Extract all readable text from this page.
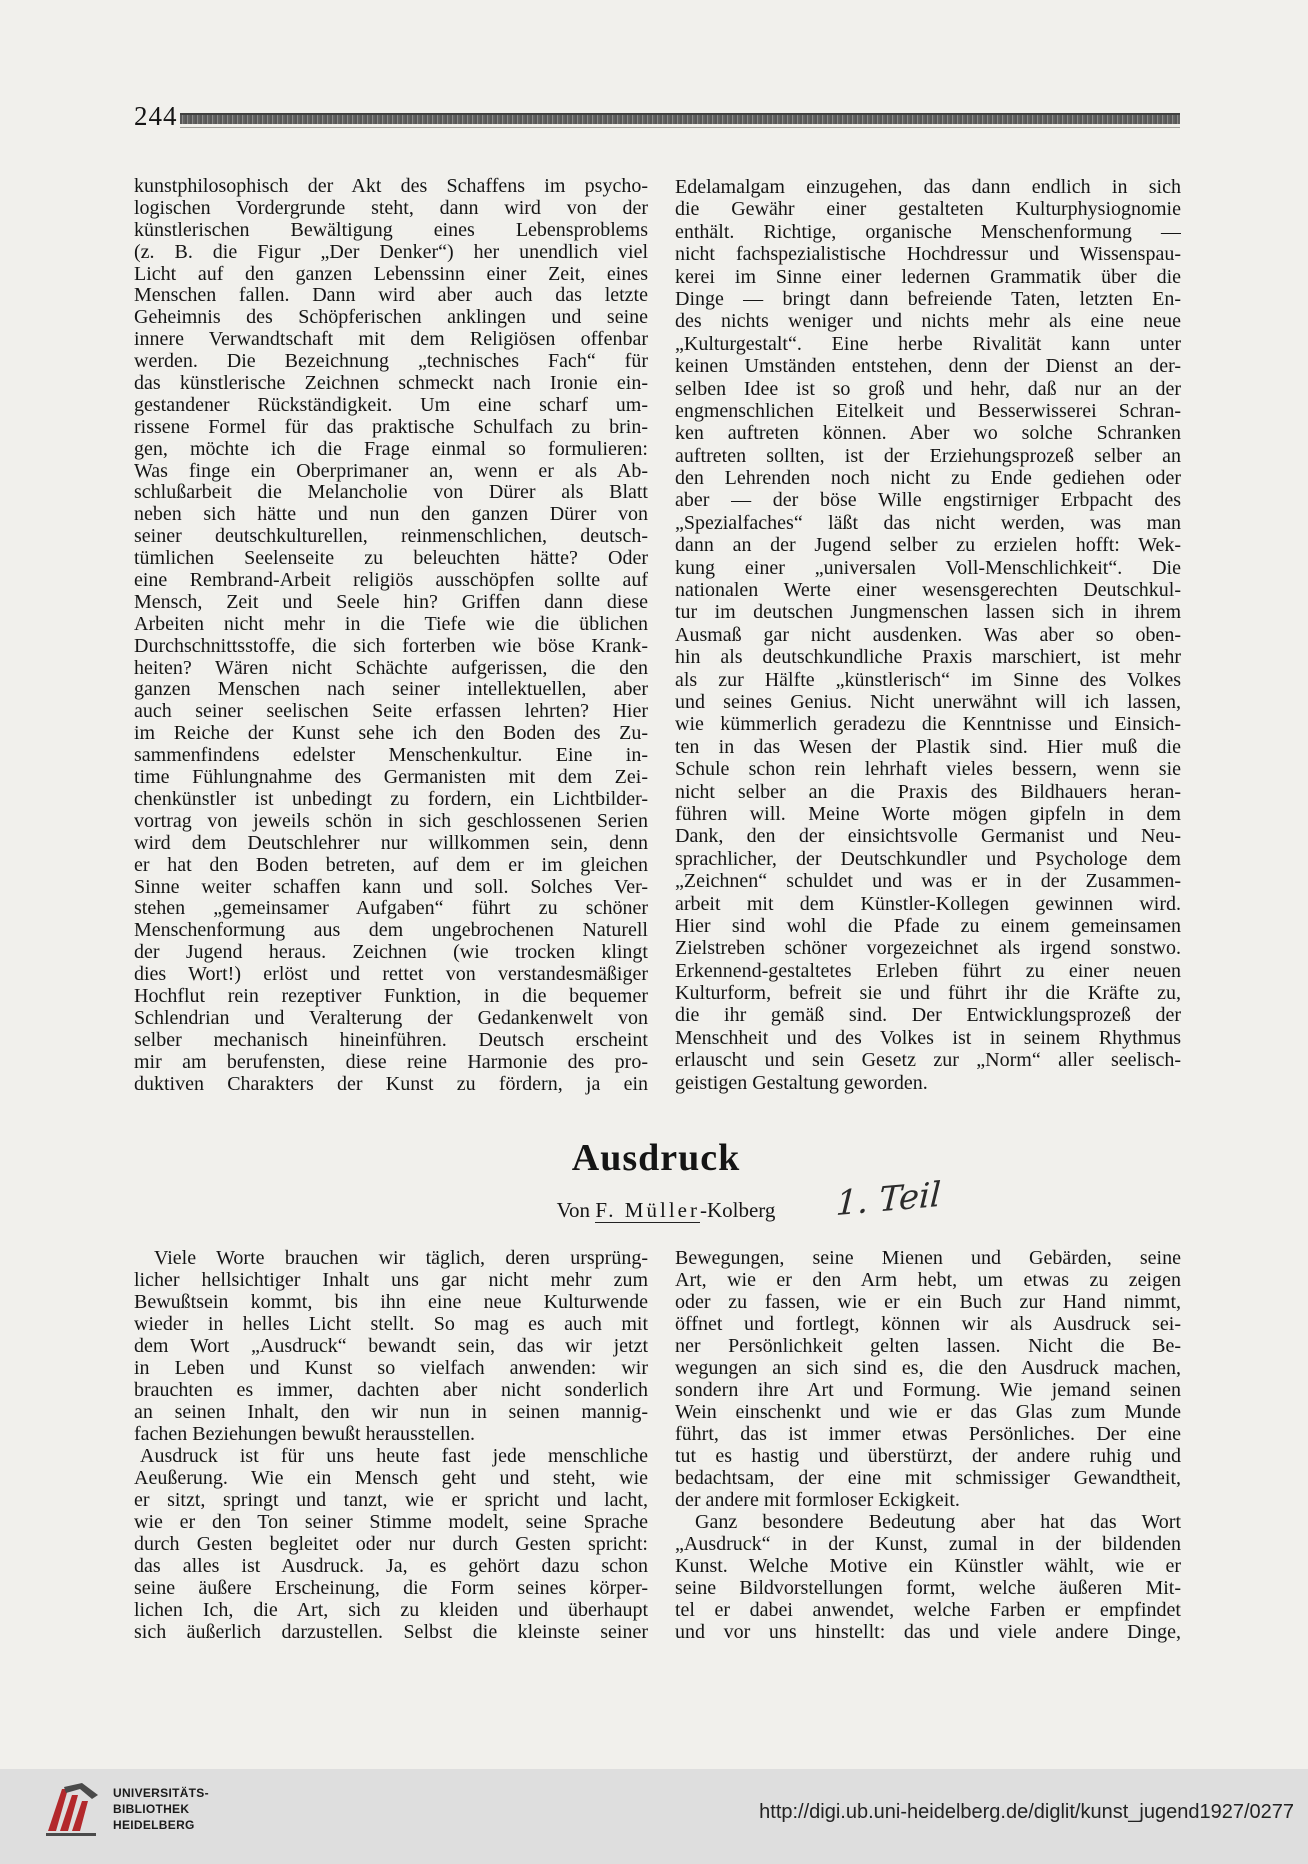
244
kunstphilosophisch der Akt des Schaffens im psycho-
logischen Vordergrunde steht, dann wird von der
künstlerischen Bewältigung eines Lebensproblems
(z. B. die Figur „Der Denker“) her unendlich viel
Licht auf den ganzen Lebenssinn einer Zeit, eines
Menschen fallen. Dann wird aber auch das letzte
Geheimnis des Schöpferischen anklingen und seine
innere Verwandtschaft mit dem Religiösen offenbar
werden. Die Bezeichnung „technisches Fach“ für
das künstlerische Zeichnen schmeckt nach Ironie ein-
gestandener Rückständigkeit. Um eine scharf um-
rissene Formel für das praktische Schulfach zu brin-
gen, möchte ich die Frage einmal so formulieren:
Was finge ein Oberprimaner an, wenn er als Ab-
schlußarbeit die Melancholie von Dürer als Blatt
neben sich hätte und nun den ganzen Dürer von
seiner deutschkulturellen, reinmenschlichen, deutsch-
tümlichen Seelenseite zu beleuchten hätte? Oder
eine Rembrand-Arbeit religiös ausschöpfen sollte auf
Mensch, Zeit und Seele hin? Griffen dann diese
Arbeiten nicht mehr in die Tiefe wie die üblichen
Durchschnittsstoffe, die sich forterben wie böse Krank-
heiten? Wären nicht Schächte aufgerissen, die den
ganzen Menschen nach seiner intellektuellen, aber
auch seiner seelischen Seite erfassen lehrten? Hier
im Reiche der Kunst sehe ich den Boden des Zu-
sammenfindens edelster Menschenkultur. Eine in-
time Fühlungnahme des Germanisten mit dem Zei-
chenkünstler ist unbedingt zu fordern, ein Lichtbilder-
vortrag von jeweils schön in sich geschlossenen Serien
wird dem Deutschlehrer nur willkommen sein, denn
er hat den Boden betreten, auf dem er im gleichen
Sinne weiter schaffen kann und soll. Solches Ver-
stehen „gemeinsamer Aufgaben“ führt zu schöner
Menschenformung aus dem ungebrochenen Naturell
der Jugend heraus. Zeichnen (wie trocken klingt
dies Wort!) erlöst und rettet von verstandesmäßiger
Hochflut rein rezeptiver Funktion, in die bequemer
Schlendrian und Veralterung der Gedankenwelt von
selber mechanisch hineinführen. Deutsch erscheint
mir am berufensten, diese reine Harmonie des pro-
duktiven Charakters der Kunst zu fördern, ja ein
Edelamalgam einzugehen, das dann endlich in sich
die Gewähr einer gestalteten Kulturphysiognomie
enthält. Richtige, organische Menschenformung —
nicht fachspezialistische Hochdressur und Wissenspau-
kerei im Sinne einer ledernen Grammatik über die
Dinge — bringt dann befreiende Taten, letzten En-
des nichts weniger und nichts mehr als eine neue
„Kulturgestalt“. Eine herbe Rivalität kann unter
keinen Umständen entstehen, denn der Dienst an der-
selben Idee ist so groß und hehr, daß nur an der
engmenschlichen Eitelkeit und Besserwisserei Schran-
ken auftreten können. Aber wo solche Schranken
auftreten sollten, ist der Erziehungsprozeß selber an
den Lehrenden noch nicht zu Ende gediehen oder
aber — der böse Wille engstirniger Erbpacht des
„Spezialfaches“ läßt das nicht werden, was man
dann an der Jugend selber zu erzielen hofft: Wek-
kung einer „universalen Voll-Menschlichkeit“. Die
nationalen Werte einer wesensgerechten Deutschkul-
tur im deutschen Jungmenschen lassen sich in ihrem
Ausmaß gar nicht ausdenken. Was aber so oben-
hin als deutschkundliche Praxis marschiert, ist mehr
als zur Hälfte „künstlerisch“ im Sinne des Volkes
und seines Genius. Nicht unerwähnt will ich lassen,
wie kümmerlich geradezu die Kenntnisse und Einsich-
ten in das Wesen der Plastik sind. Hier muß die
Schule schon rein lehrhaft vieles bessern, wenn sie
nicht selber an die Praxis des Bildhauers heran-
führen will. Meine Worte mögen gipfeln in dem
Dank, den der einsichtsvolle Germanist und Neu-
sprachlicher, der Deutschkundler und Psychologe dem
„Zeichnen“ schuldet und was er in der Zusammen-
arbeit mit dem Künstler-Kollegen gewinnen wird.
Hier sind wohl die Pfade zu einem gemeinsamen
Zielstreben schöner vorgezeichnet als irgend sonstwo.
Erkennend-gestaltetes Erleben führt zu einer neuen
Kulturform, befreit sie und führt ihr die Kräfte zu,
die ihr gemäß sind. Der Entwicklungsprozeß der
Menschheit und des Volkes ist in seinem Rhythmus
erlauscht und sein Gesetz zur „Norm“ aller seelisch-
geistigen Gestaltung geworden.
Ausdruck
Von F. Müller-Kolberg	1. Teil
Viele Worte brauchen wir täglich, deren ursprüng-
licher hellsichtiger Inhalt uns gar nicht mehr zum
Bewußtsein kommt, bis ihn eine neue Kulturwende
wieder in helles Licht stellt. So mag es auch mit
dem Wort „Ausdruck“ bewandt sein, das wir jetzt
in Leben und Kunst so vielfach anwenden: wir
brauchten es immer, dachten aber nicht sonderlich
an seinen Inhalt, den wir nun in seinen mannig-
fachen Beziehungen bewußt herausstellen.
Ausdruck ist für uns heute fast jede menschliche
Aeußerung. Wie ein Mensch geht und steht, wie
er sitzt, springt und tanzt, wie er spricht und lacht,
wie er den Ton seiner Stimme modelt, seine Sprache
durch Gesten begleitet oder nur durch Gesten spricht:
das alles ist Ausdruck. Ja, es gehört dazu schon
seine äußere Erscheinung, die Form seines körper-
lichen Ich, die Art, sich zu kleiden und überhaupt
sich äußerlich darzustellen. Selbst die kleinste seiner
Bewegungen, seine Mienen und Gebärden, seine
Art, wie er den Arm hebt, um etwas zu zeigen
oder zu fassen, wie er ein Buch zur Hand nimmt,
öffnet und fortlegt, können wir als Ausdruck sei-
ner Persönlichkeit gelten lassen. Nicht die Be-
wegungen an sich sind es, die den Ausdruck machen,
sondern ihre Art und Formung. Wie jemand seinen
Wein einschenkt und wie er das Glas zum Munde
führt, das ist immer etwas Persönliches. Der eine
tut es hastig und überstürzt, der andere ruhig und
bedachtsam, der eine mit schmissiger Gewandtheit,
der andere mit formloser Eckigkeit.
Ganz besondere Bedeutung aber hat das Wort
„Ausdruck“ in der Kunst, zumal in der bildenden
Kunst. Welche Motive ein Künstler wählt, wie er
seine Bildvorstellungen formt, welche äußeren Mit-
tel er dabei anwendet, welche Farben er empfindet
und vor uns hinstellt: das und viele andere Dinge,
UNIVERSITÄTS-
BIBLIOTHEK
HEIDELBERG
http://digi.ub.uni-heidelberg.de/diglit/kunst_jugend1927/0277
